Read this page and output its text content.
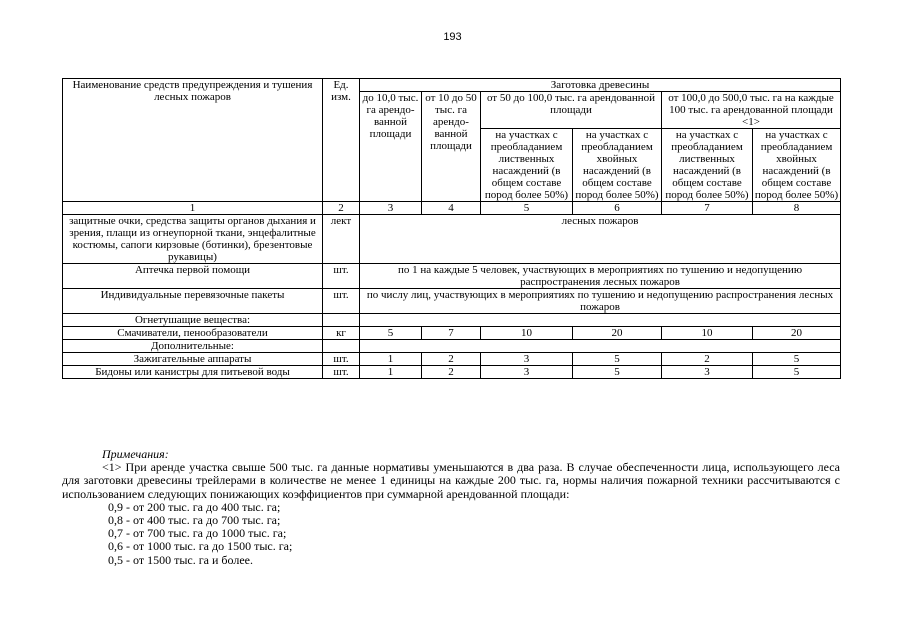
193
Наименование средств предупреждения и тушения лесных пожаров	Ед. изм.	Заготовка древесины					
		до 10,0 тыс. га арендо-ванной площади	от 10 до 50 тыс. га арендо-ванной площади	от 50 до 100,0 тыс. га арендованной площади		от 100,0 до 500,0 тыс. га на каждые 100 тыс. га арендованной площади <1>	

				на участках с преобладанием лиственных насаждений (в общем составе пород более 50%)	на участках с преобладанием хвойных насаждений (в общем составе пород более 50%)	на участках с преобладанием лиственных насаждений (в общем составе пород более 50%)	на участках с преобладанием хвойных насаждений (в общем составе пород более 50%)
1	2	3	4	5	6	7	8
защитные очки, средства защиты органов дыхания и зрения, плащи из огнеупорной ткани, энцефалитные костюмы, сапоги кирзовые (ботинки), брезентовые рукавицы)	лект	лесных пожаров					
Аптечка первой помощи	шт.	по 1 на каждые 5 человек, участвующих в мероприятиях по тушению и недопущению распространения лесных пожаров					
Индивидуальные перевязочные пакеты	шт.	по числу лиц, участвующих в мероприятиях по тушению и недопущению распространения лесных пожаров					
Огнетушащие вещества:							
Смачиватели, пенообразователи	кг	5	7	10	20	10	20
Дополнительные:							
Зажигательные аппараты	шт.	1	2	3	5	2	5
Бидоны или канистры для питьевой воды	шт.	1	2	3	5	3	5

Примечания:

<1> При аренде участка свыше 500 тыс. га данные нормативы уменьшаются в два раза. В случае обеспеченности лица, использующего леса для заготовки древесины трейлерами в количестве не менее 1 единицы на каждые 200 тыс. га, нормы наличия пожарной техники рассчитываются с использованием следующих понижающих коэффициентов при суммарной арендованной площади:

0,9 - от 200 тыс. га до 400 тыс. га;

0,8 - от 400 тыс. га до 700 тыс. га;

0,7 - от 700 тыс. га до 1000 тыс. га;

0,6 - от 1000 тыс. га до 1500 тыс. га;

0,5 - от 1500 тыс. га и более.
